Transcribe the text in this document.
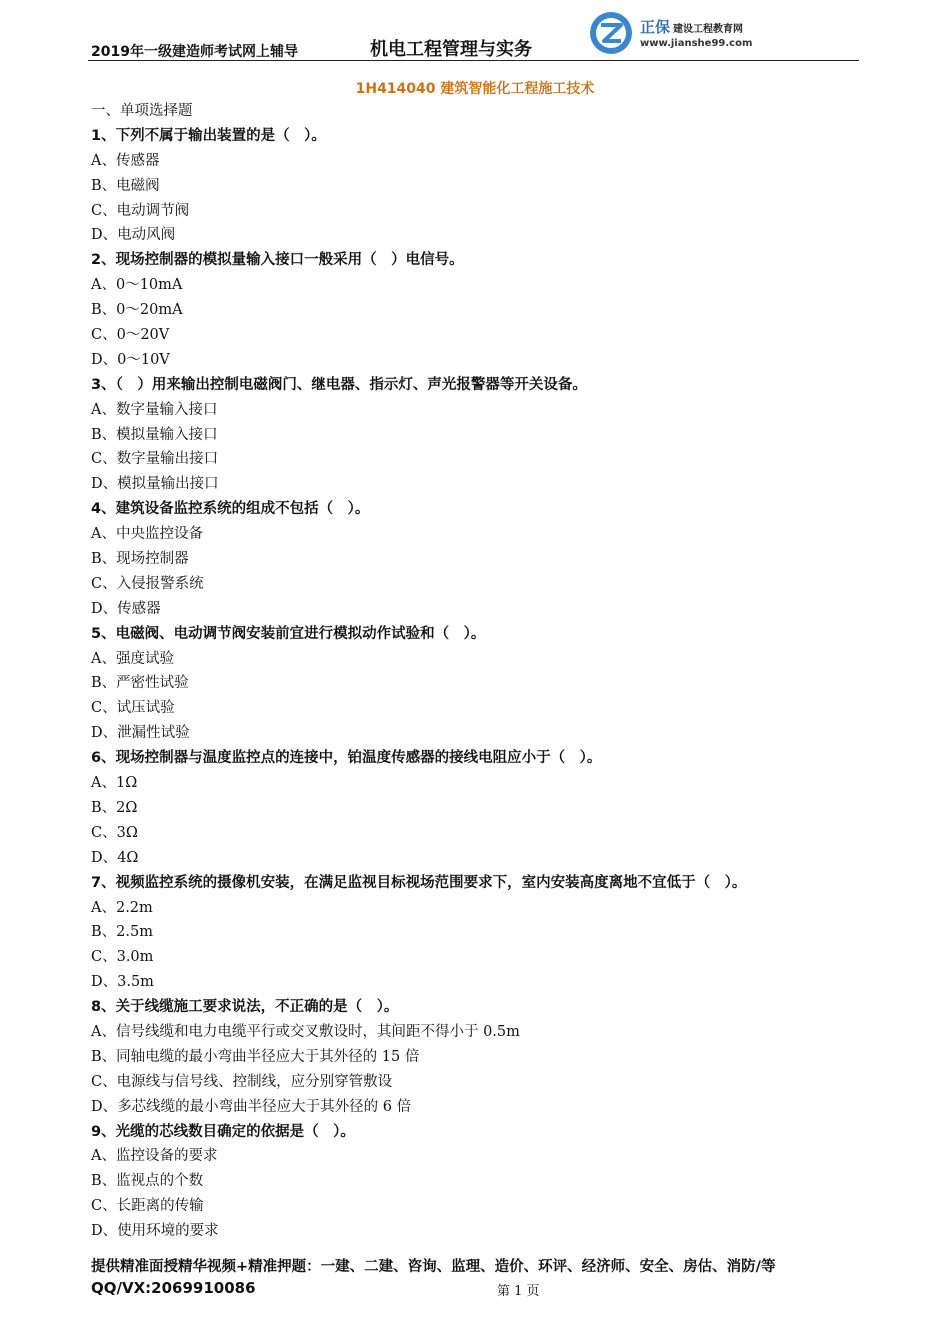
2019年一级建造师考试网上辅导	机电工程管理与实务
正保 建设工程教育网
www.jianshe99.com
1H414040 建筑智能化工程施工技术
一、单项选择题
1、下列不属于输出装置的是（　）。
A、传感器
B、电磁阀
C、电动调节阀
D、电动风阀
2、现场控制器的模拟量输入接口一般采用（　）电信号。
A、0～10mA
B、0～20mA
C、0～20V
D、0～10V
3、（　）用来输出控制电磁阀门、继电器、指示灯、声光报警器等开关设备。
A、数字量输入接口
B、模拟量输入接口
C、数字量输出接口
D、模拟量输出接口
4、建筑设备监控系统的组成不包括（　）。
A、中央监控设备
B、现场控制器
C、入侵报警系统
D、传感器
5、电磁阀、电动调节阀安装前宜进行模拟动作试验和（　）。
A、强度试验
B、严密性试验
C、试压试验
D、泄漏性试验
6、现场控制器与温度监控点的连接中，铂温度传感器的接线电阻应小于（　）。
A、1Ω
B、2Ω
C、3Ω
D、4Ω
7、视频监控系统的摄像机安装，在满足监视目标视场范围要求下，室内安装高度离地不宜低于（　）。
A、2.2m
B、2.5m
C、3.0m
D、3.5m
8、关于线缆施工要求说法，不正确的是（　）。
A、信号线缆和电力电缆平行或交叉敷设时，其间距不得小于 0.5m
B、同轴电缆的最小弯曲半径应大于其外径的 15 倍
C、电源线与信号线、控制线，应分别穿管敷设
D、多芯线缆的最小弯曲半径应大于其外径的 6 倍
9、光缆的芯线数目确定的依据是（　）。
A、监控设备的要求
B、监视点的个数
C、长距离的传输
D、使用环境的要求
提供精准面授精华视频+精准押题：一建、二建、咨询、监理、造价、环评、经济师、安全、房估、消防/等
QQ/VX:2069910086	第 1 页
